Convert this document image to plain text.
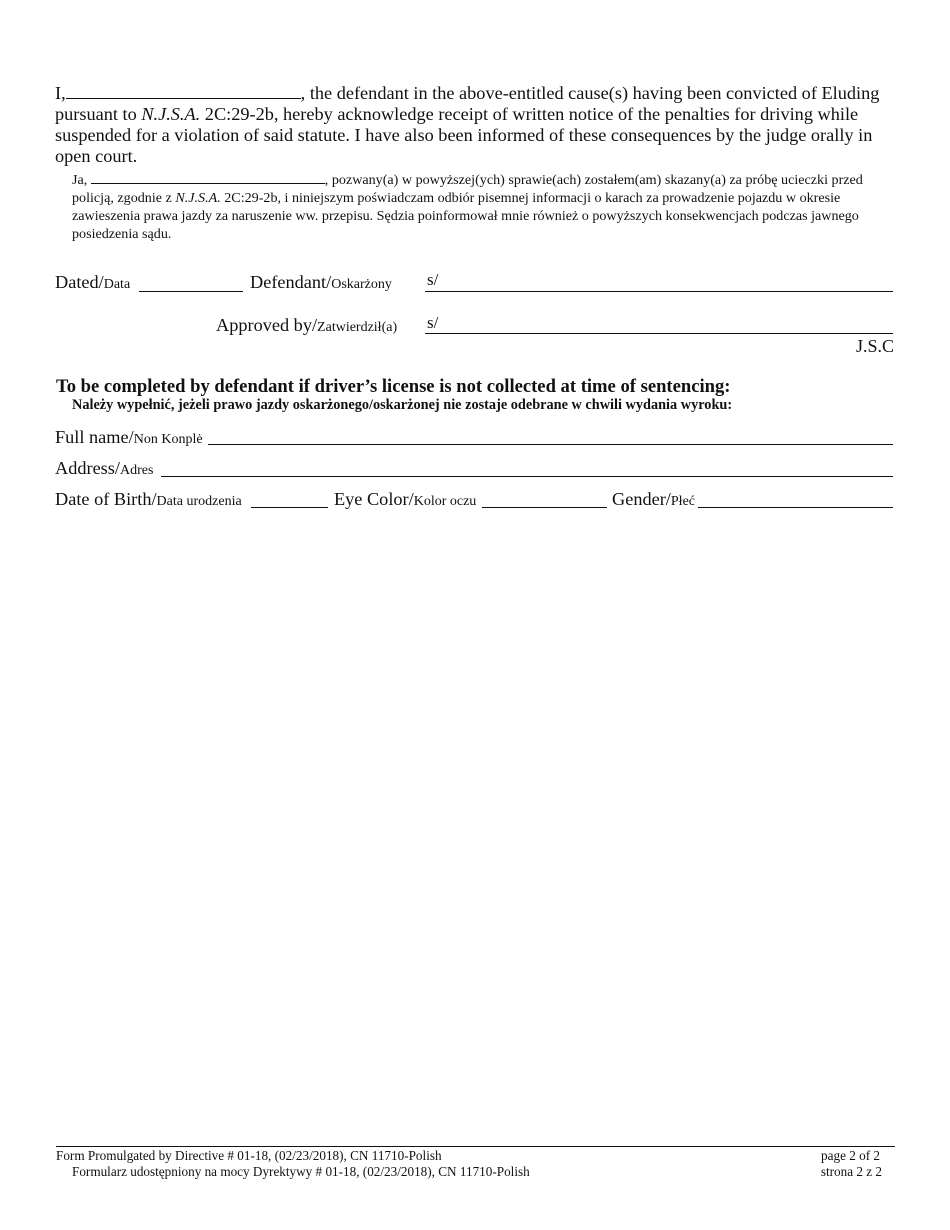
I,	, the defendant in the above-entitled cause(s) having been convicted of Eluding pursuant to N.J.S.A. 2C:29-2b, hereby acknowledge receipt of written notice of the penalties for driving while suspended for a violation of said statute. I have also been informed of these consequences by the judge orally in open court.
Ja,	, pozwany(a) w powyższej(ych) sprawie(ach) zostałem(am) skazany(a) za próbę ucieczki przed policją, zgodnie z N.J.S.A. 2C:29-2b, i niniejszym poświadczam odbiór pisemnej informacji o karach za prowadzenie pojazdu w okresie zawieszenia prawa jazdy za naruszenie ww. przepisu. Sędzia poinformował mnie również o powyższych konsekwencjach podczas jawnego posiedzenia sądu.
Dated/Data	Defendant/Oskarżony s/
Approved by/Zatwierdził(a) s/
J.S.C
To be completed by defendant if driver’s license is not collected at time of sentencing:
Należy wypełnić, jeżeli prawo jazdy oskarżonego/oskarżonej nie zostaje odebrane w chwili wydania wyroku:
Full name/Non Konplė
Address/Adres
Date of Birth/Data urodzenia	Eye Color/Kolor oczu	Gender/Płeć
Form Promulgated by Directive # 01-18, (02/23/2018), CN 11710-Polish
Formularz udostępniony na mocy Dyrektywy # 01-18, (02/23/2018), CN 11710-Polish
page 2 of 2
strona 2 z 2
